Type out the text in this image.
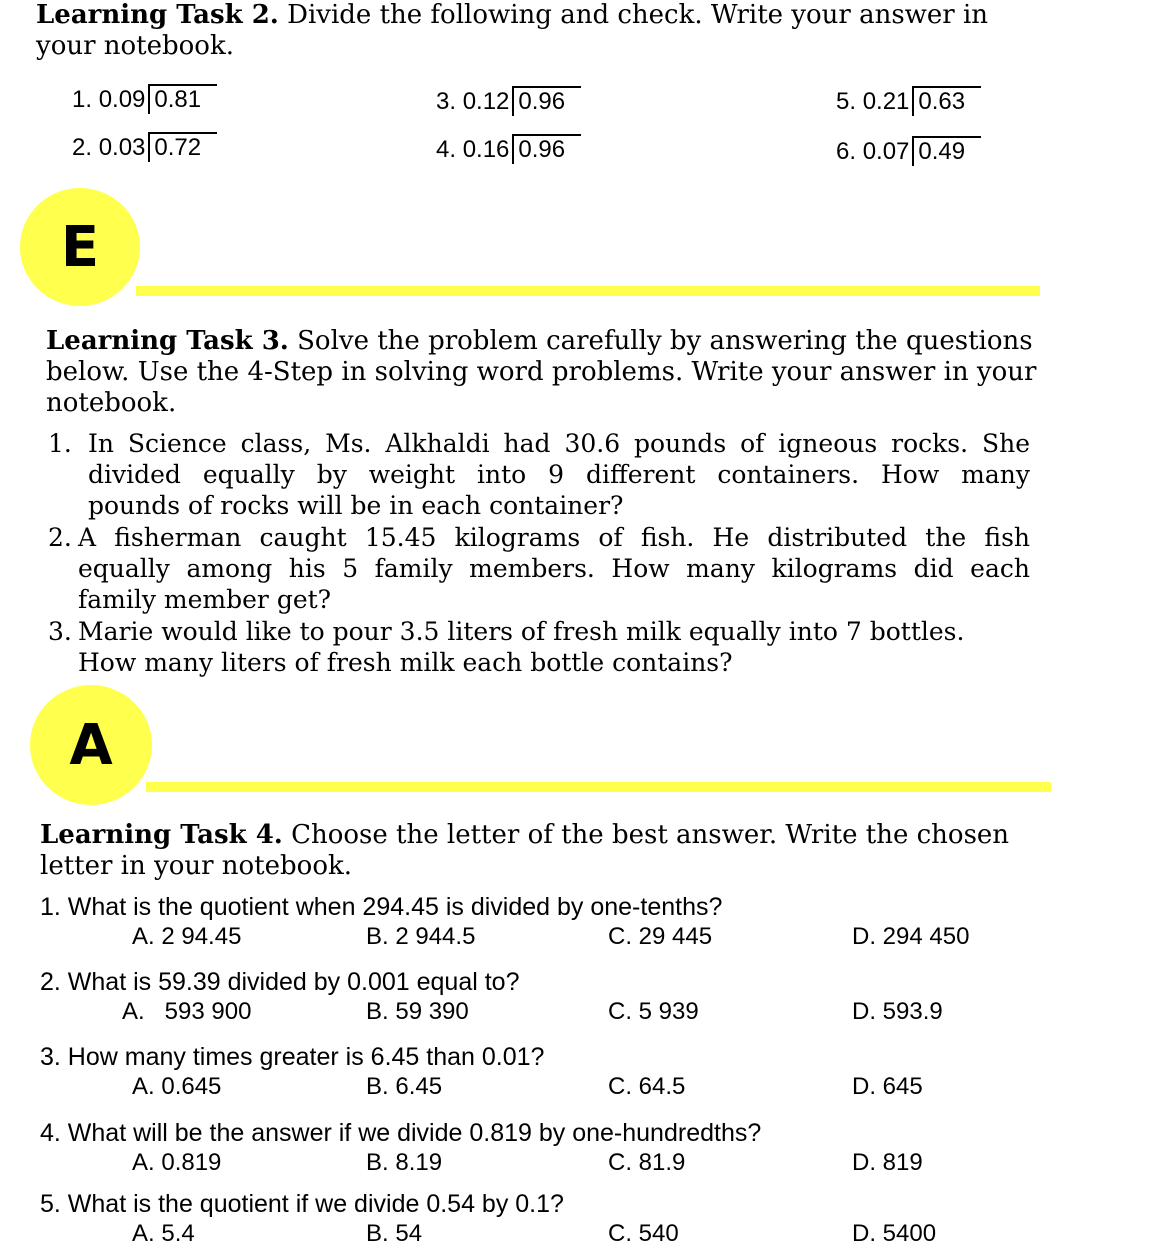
Learning Task 2. Divide the following and check. Write your answer in
your notebook.
1. 0.09 0.81
2. 0.03 0.72
3. 0.12 0.96
4. 0.16 0.96
5. 0.21 0.63
6. 0.07 0.49
E
Learning Task 3. Solve the problem carefully by answering the questions
below. Use the 4-Step in solving word problems. Write your answer in your
notebook.
1. In Science class, Ms. Alkhaldi had 30.6 pounds of igneous rocks. She
divided equally by weight into 9 different containers. How many
pounds of rocks will be in each container?
2. A fisherman caught 15.45 kilograms of fish. He distributed the fish
equally among his 5 family members. How many kilograms did each
family member get?
3. Marie would like to pour 3.5 liters of fresh milk equally into 7 bottles.
How many liters of fresh milk each bottle contains?
A
Learning Task 4. Choose the letter of the best answer. Write the chosen
letter in your notebook.
1. What is the quotient when 294.45 is divided by one-tenths?
A. 2 94.45	B. 2 944.5	C. 29 445	D. 294 450
2. What is 59.39 divided by 0.001 equal to?
A.   593 900	B. 59 390	C. 5 939	D. 593.9
3. How many times greater is 6.45 than 0.01?
A. 0.645	B. 6.45	C. 64.5	D. 645
4. What will be the answer if we divide 0.819 by one-hundredths?
A. 0.819	B. 8.19	C. 81.9	D. 819
5. What is the quotient if we divide 0.54 by 0.1?
A. 5.4	B. 54	C. 540	D. 5400
